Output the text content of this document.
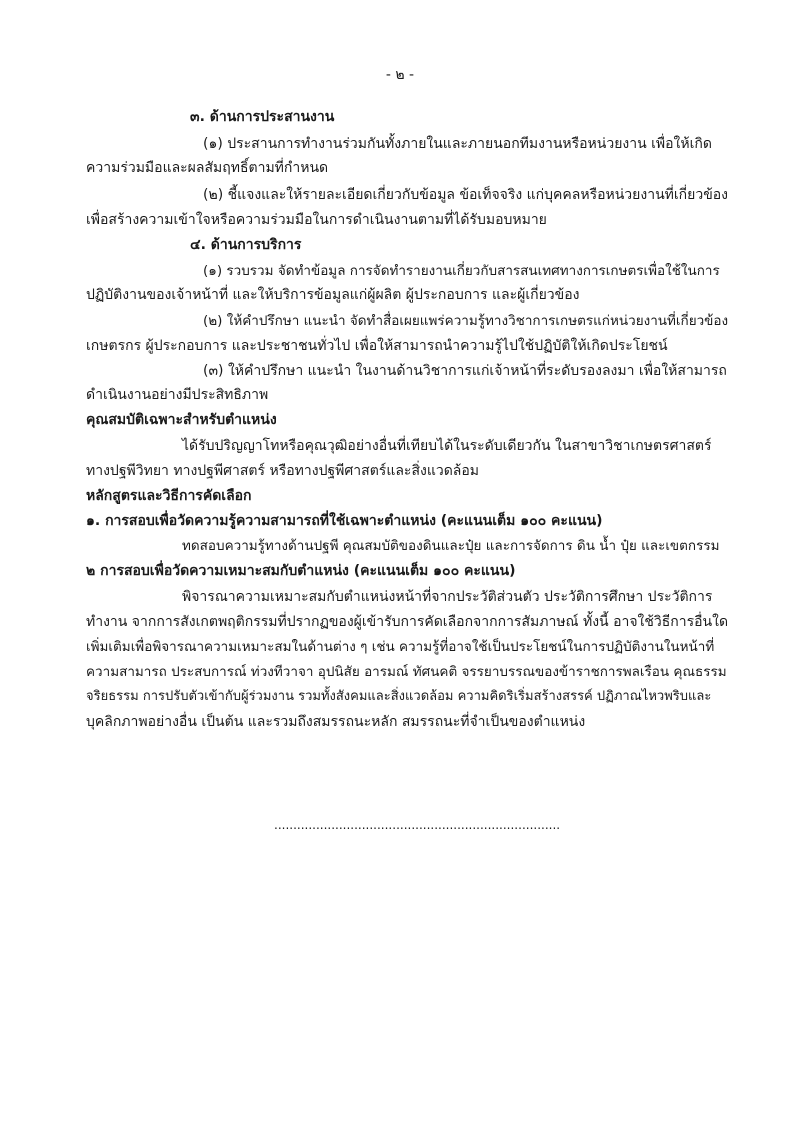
- ๒ -
๓. ด้านการประสานงาน
(๑) ประสานการทำงานร่วมกันทั้งภายในและภายนอกทีมงานหรือหน่วยงาน เพื่อให้เกิด
ความร่วมมือและผลสัมฤทธิ์ตามที่กำหนด
(๒) ชี้แจงและให้รายละเอียดเกี่ยวกับข้อมูล ข้อเท็จจริง แก่บุคคลหรือหน่วยงานที่เกี่ยวข้อง
เพื่อสร้างความเข้าใจหรือความร่วมมือในการดำเนินงานตามที่ได้รับมอบหมาย
๔. ด้านการบริการ
(๑) รวบรวม จัดทำข้อมูล การจัดทำรายงานเกี่ยวกับสารสนเทศทางการเกษตรเพื่อใช้ในการ
ปฏิบัติงานของเจ้าหน้าที่ และให้บริการข้อมูลแก่ผู้ผลิต ผู้ประกอบการ และผู้เกี่ยวข้อง
(๒) ให้คำปรึกษา แนะนำ จัดทำสื่อเผยแพร่ความรู้ทางวิชาการเกษตรแก่หน่วยงานที่เกี่ยวข้อง
เกษตรกร ผู้ประกอบการ และประชาชนทั่วไป เพื่อให้สามารถนำความรู้ไปใช้ปฏิบัติให้เกิดประโยชน์
(๓) ให้คำปรึกษา แนะนำ ในงานด้านวิชาการแก่เจ้าหน้าที่ระดับรองลงมา เพื่อให้สามารถ
ดำเนินงานอย่างมีประสิทธิภาพ
คุณสมบัติเฉพาะสำหรับตำแหน่ง
ได้รับปริญญาโทหรือคุณวุฒิอย่างอื่นที่เทียบได้ในระดับเดียวกัน ในสาขาวิชาเกษตรศาสตร์
ทางปฐพีวิทยา ทางปฐพีศาสตร์ หรือทางปฐพีศาสตร์และสิ่งแวดล้อม
หลักสูตรและวิธีการคัดเลือก
๑. การสอบเพื่อวัดความรู้ความสามารถที่ใช้เฉพาะตำแหน่ง (คะแนนเต็ม ๑๐๐ คะแนน)
ทดสอบความรู้ทางด้านปฐพี คุณสมบัติของดินและปุ๋ย และการจัดการ ดิน น้ำ ปุ๋ย และเขตกรรม
๒ การสอบเพื่อวัดความเหมาะสมกับตำแหน่ง (คะแนนเต็ม ๑๐๐ คะแนน)
พิจารณาความเหมาะสมกับตำแหน่งหน้าที่จากประวัติส่วนตัว ประวัติการศึกษา ประวัติการ
ทำงาน จากการสังเกตพฤติกรรมที่ปรากฏของผู้เข้ารับการคัดเลือกจากการสัมภาษณ์ ทั้งนี้ อาจใช้วิธีการอื่นใด
เพิ่มเติมเพื่อพิจารณาความเหมาะสมในด้านต่าง ๆ เช่น ความรู้ที่อาจใช้เป็นประโยชน์ในการปฏิบัติงานในหน้าที่
ความสามารถ ประสบการณ์ ท่วงทีวาจา อุปนิสัย อารมณ์ ทัศนคติ จรรยาบรรณของข้าราชการพลเรือน คุณธรรม
จริยธรรม การปรับตัวเข้ากับผู้ร่วมงาน รวมทั้งสังคมและสิ่งแวดล้อม ความคิดริเริ่มสร้างสรรค์ ปฏิภาณไหวพริบและ
บุคลิกภาพอย่างอื่น เป็นต้น และรวมถึงสมรรถนะหลัก สมรรถนะที่จำเป็นของตำแหน่ง
...........................................................................
